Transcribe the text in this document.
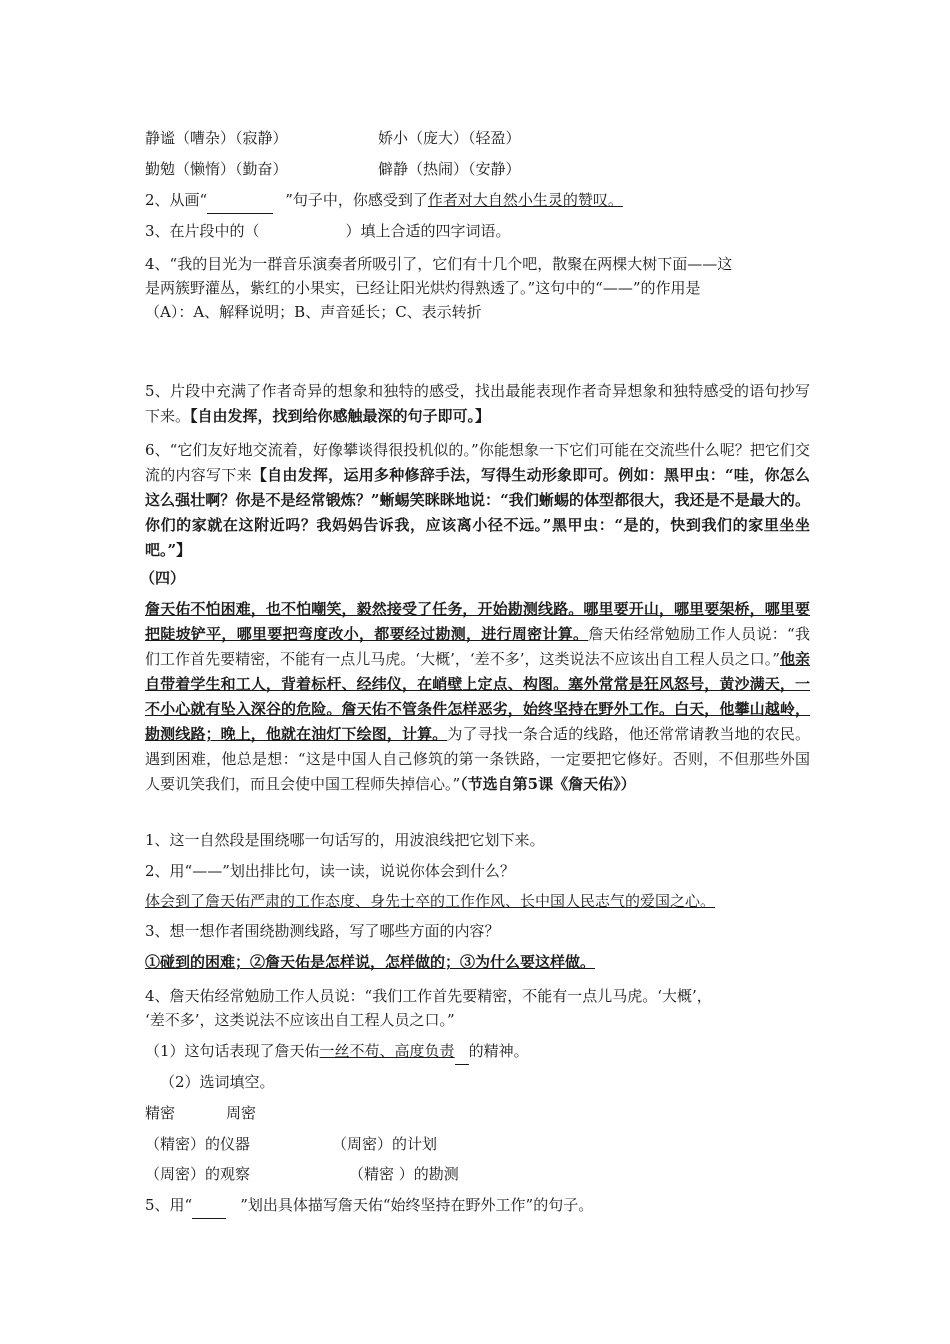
静谧（嘈杂）（寂静）	娇小（庞大）（轻盈）
勤勉（懒惰）（勤奋）	僻静（热闹）（安静）
2、从画“	”句子中，你感受到了作者对大自然小生灵的赞叹。
3、在片段中的（	）填上合适的四字词语。
4、“我的目光为一群音乐演奏者所吸引了，它们有十几个吧，散聚在两棵大树下面——这
是两簇野灌丛，紫红的小果实，已经让阳光烘灼得熟透了。”这句中的“——”的作用是
（A）：A、解释说明；B、声音延长；C、表示转折
5、片段中充满了作者奇异的想象和独特的感受，找出最能表现作者奇异想象和独特感受的语句抄写下来。【自由发挥，找到给你感触最深的句子即可。】
6、“它们友好地交流着，好像攀谈得很投机似的。”你能想象一下它们可能在交流些什么呢？把它们交流的内容写下来【自由发挥，运用多种修辞手法，写得生动形象即可。例如：黑甲虫：“哇，你怎么这么强壮啊？你是不是经常锻炼？”蜥蜴笑眯眯地说：“我们蜥蜴的体型都很大，我还是不是最大的。你们的家就在这附近吗？我妈妈告诉我，应该离小径不远。”黑甲虫：“是的，快到我们的家里坐坐吧。”】
（四）
詹天佑不怕困难，也不怕嘲笑，毅然接受了任务，开始勘测线路。哪里要开山，哪里要架桥，哪里要把陡坡铲平，哪里要把弯度改小，都要经过勘测，进行周密计算。詹天佑经常勉励工作人员说：“我们工作首先要精密，不能有一点儿马虎。‘大概’，‘差不多’，这类说法不应该出自工程人员之口。”他亲自带着学生和工人，背着标杆、经纬仪，在峭壁上定点、构图。塞外常常是狂风怒号，黄沙满天，一不小心就有坠入深谷的危险。詹天佑不管条件怎样恶劣，始终坚持在野外工作。白天，他攀山越岭，勘测线路；晚上，他就在油灯下绘图，计算。为了寻找一条合适的线路，他还常常请教当地的农民。遇到困难，他总是想：“这是中国人自己修筑的第一条铁路，一定要把它修好。否则，不但那些外国人要讥笑我们，而且会使中国工程师失掉信心。”（节选自第5课《詹天佑》）
1、这一自然段是围绕哪一句话写的，用波浪线把它划下来。
2、用“——”划出排比句，读一读，说说你体会到什么？
体会到了詹天佑严肃的工作态度、身先士卒的工作作风、长中国人民志气的爱国之心。
3、想一想作者围绕勘测线路，写了哪些方面的内容？
①碰到的困难；②詹天佑是怎样说，怎样做的；③为什么要这样做。
4、詹天佑经常勉励工作人员说：“我们工作首先要精密，不能有一点儿马虎。‘大概’，
‘差不多’，这类说法不应该出自工程人员之口。”
（1）这句话表现了詹天佑一丝不苟、高度负责 的精神。
（2）选词填空。
精密	周密
（精密）的仪器	（周密）的计划
（周密）的观察	（精密 ）的勘测
5、用“	”划出具体描写詹天佑“始终坚持在野外工作”的句子。
